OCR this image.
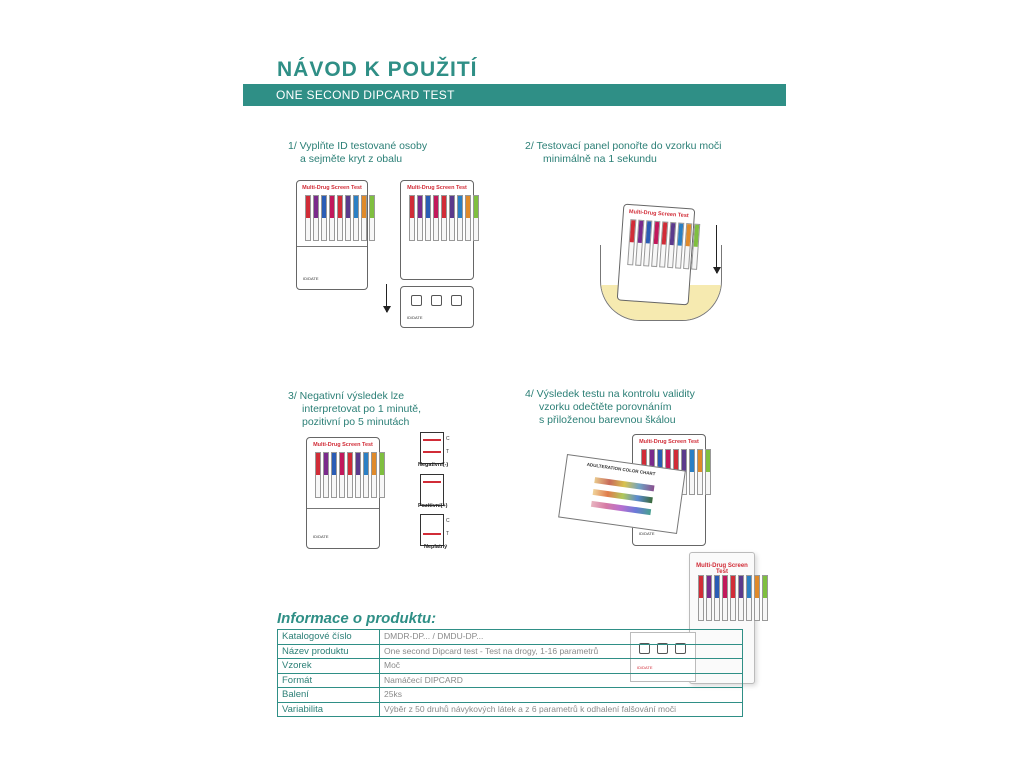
NÁVOD K POUŽITÍ
ONE SECOND DIPCARD TEST
1/ Vyplňte ID testované osoby
a sejměte kryt z obalu
Multi-Drug Screen Test
ID/DATE
Multi-Drug Screen Test
ID/DATE
2/ Testovací panel ponořte do vzorku moči
minimálně na 1 sekundu
Multi-Drug Screen Test
3/ Negativní výsledek lze
interpretovat po 1 minutě,
pozitivní po 5 minutách
Multi-Drug Screen Test
ID/DATE
C
T
Negativní(-)
Pozitivní(+)
C
T
Neplatný
4/ Výsledek testu na kontrolu validity
vzorku odečtěte porovnáním
s přiloženou barevnou škálou
Multi-Drug Screen Test
ID/DATE
ADULTERATION COLOR CHART
Multi-Drug Screen Test
ID/DATE
Informace o produktu:
Katalogové číslo	DMDR-DP... / DMDU-DP...
Název produktu	One second Dipcard test - Test na drogy, 1-16 parametrů
Vzorek	Moč
Formát	Namáčecí DIPCARD
Balení	25ks
Variabilita	Výběr z 50 druhů návykových látek a z 6 parametrů k odhalení falšování moči
